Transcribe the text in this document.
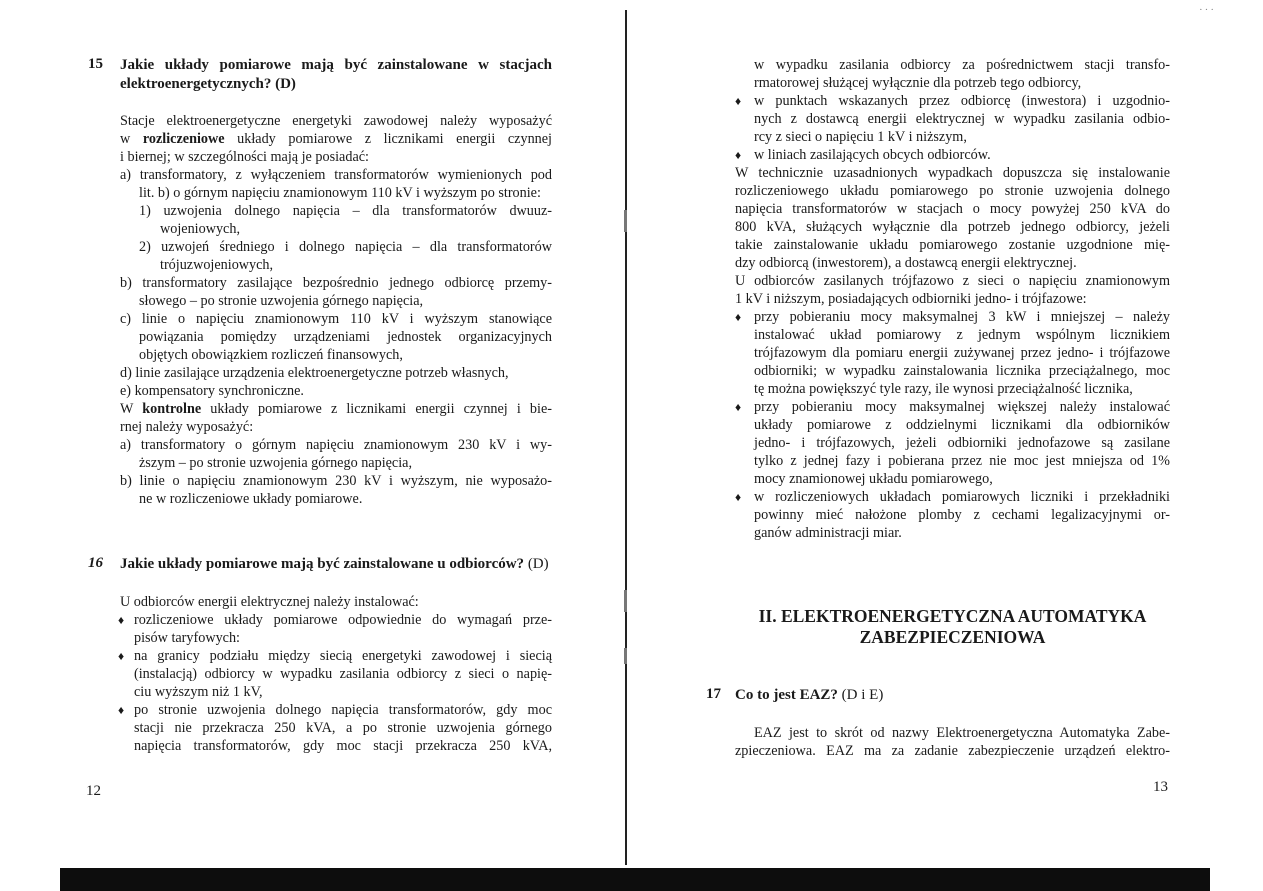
···
15 Jakie układy pomiarowe mają być zainstalowane w stacjach
elektroenergetycznych? (D)
Stacje elektroenergetyczne energetyki zawodowej należy wyposażyć
w rozliczeniowe układy pomiarowe z licznikami energii czynnej
i biernej; w szczególności mają je posiadać:
a) transformatory, z wyłączeniem transformatorów wymienionych pod
lit. b) o górnym napięciu znamionowym 110 kV i wyższym po stronie:
1) uzwojenia dolnego napięcia – dla transformatorów dwuuz-
wojeniowych,
2) uzwojeń średniego i dolnego napięcia – dla transformatorów
trójuzwojeniowych,
b) transformatory zasilające bezpośrednio jednego odbiorcę przemy-
słowego – po stronie uzwojenia górnego napięcia,
c) linie o napięciu znamionowym 110 kV i wyższym stanowiące
powiązania pomiędzy urządzeniami jednostek organizacyjnych
objętych obowiązkiem rozliczeń finansowych,
d) linie zasilające urządzenia elektroenergetyczne potrzeb własnych,
e) kompensatory synchroniczne.
W kontrolne układy pomiarowe z licznikami energii czynnej i bie-
rnej należy wyposażyć:
a) transformatory o górnym napięciu znamionowym 230 kV i wy-
ższym – po stronie uzwojenia górnego napięcia,
b) linie o napięciu znamionowym 230 kV i wyższym, nie wyposażo-
ne w rozliczeniowe układy pomiarowe.
16 Jakie układy pomiarowe mają być zainstalowane u odbiorców? (D)
U odbiorców energii elektrycznej należy instalować:
♦ rozliczeniowe układy pomiarowe odpowiednie do wymagań prze-
pisów taryfowych:
♦ na granicy podziału między siecią energetyki zawodowej i siecią
(instalacją) odbiorcy w wypadku zasilania odbiorcy z sieci o napię-
ciu wyższym niż 1 kV,
♦ po stronie uzwojenia dolnego napięcia transformatorów, gdy moc
stacji nie przekracza 250 kVA, a po stronie uzwojenia górnego
napięcia transformatorów, gdy moc stacji przekracza 250 kVA,
12
w wypadku zasilania odbiorcy za pośrednictwem stacji transfo-
rmatorowej służącej wyłącznie dla potrzeb tego odbiorcy,
♦ w punktach wskazanych przez odbiorcę (inwestora) i uzgodnio-
nych z dostawcą energii elektrycznej w wypadku zasilania odbio-
rcy z sieci o napięciu 1 kV i niższym,
♦ w liniach zasilających obcych odbiorców.
W technicznie uzasadnionych wypadkach dopuszcza się instalowanie
rozliczeniowego układu pomiarowego po stronie uzwojenia dolnego
napięcia transformatorów w stacjach o mocy powyżej 250 kVA do
800 kVA, służących wyłącznie dla potrzeb jednego odbiorcy, jeżeli
takie zainstalowanie układu pomiarowego zostanie uzgodnione mię-
dzy odbiorcą (inwestorem), a dostawcą energii elektrycznej.
U odbiorców zasilanych trójfazowo z sieci o napięciu znamionowym
1 kV i niższym, posiadających odbiorniki jedno- i trójfazowe:
♦ przy pobieraniu mocy maksymalnej 3 kW i mniejszej – należy
instalować układ pomiarowy z jednym wspólnym licznikiem
trójfazowym dla pomiaru energii zużywanej przez jedno- i trójfazowe
odbiorniki; w wypadku zainstalowania licznika przeciążalnego, moc
tę można powiększyć tyle razy, ile wynosi przeciążalność licznika,
♦ przy pobieraniu mocy maksymalnej większej należy instalować
układy pomiarowe z oddzielnymi licznikami dla odbiorników
jedno- i trójfazowych, jeżeli odbiorniki jednofazowe są zasilane
tylko z jednej fazy i pobierana przez nie moc jest mniejsza od 1%
mocy znamionowej układu pomiarowego,
♦ w rozliczeniowych układach pomiarowych liczniki i przekładniki
powinny mieć nałożone plomby z cechami legalizacyjnymi or-
ganów administracji miar.
II. ELEKTROENERGETYCZNA AUTOMATYKA
ZABEZPIECZENIOWA
17 Co to jest EAZ? (D i E)
EAZ jest to skrót od nazwy Elektroenergetyczna Automatyka Zabe-
zpieczeniowa. EAZ ma za zadanie zabezpieczenie urządzeń elektro-
13
